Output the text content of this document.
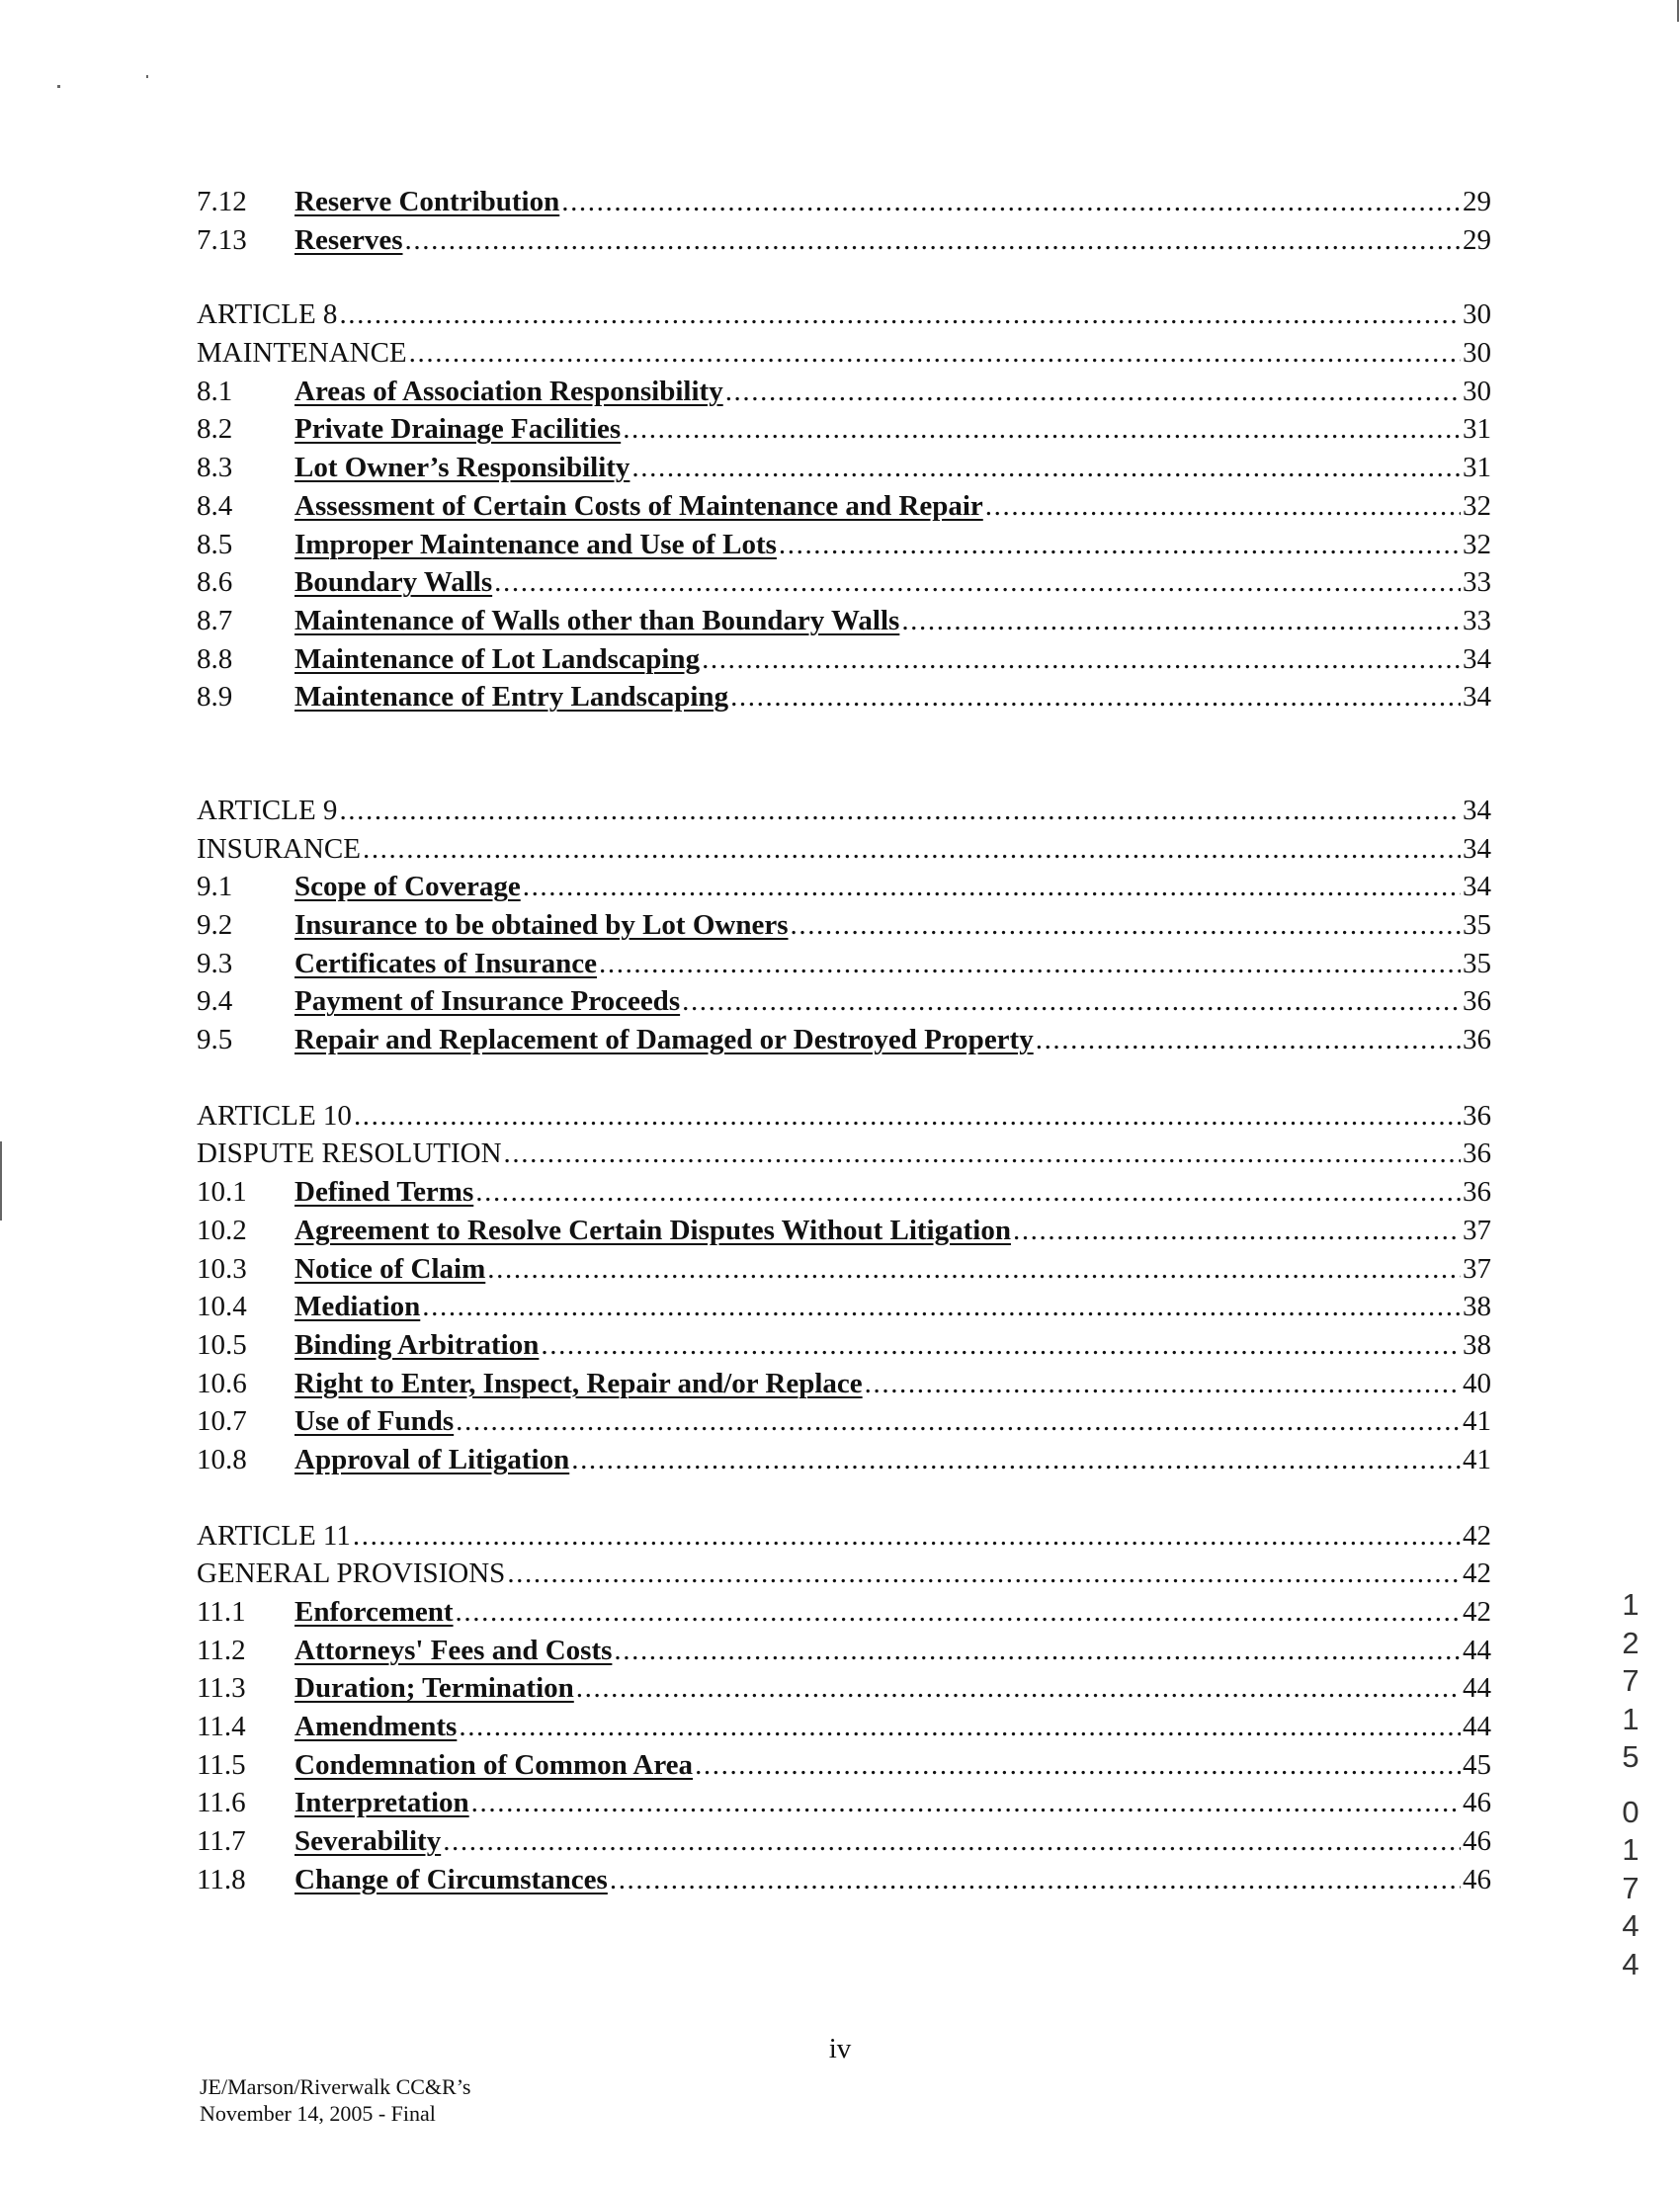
7.12 Reserve Contribution .....	29
7.13 Reserves .....	29
ARTICLE 8 .....	30
MAINTENANCE .....	30
8.1 Areas of Association Responsibility .....	30
8.2 Private Drainage Facilities .....	31
8.3 Lot Owner’s Responsibility .....	31
8.4 Assessment of Certain Costs of Maintenance and Repair .....	32
8.5 Improper Maintenance and Use of Lots .....	32
8.6 Boundary Walls .....	33
8.7 Maintenance of Walls other than Boundary Walls .....	33
8.8 Maintenance of Lot Landscaping .....	34
8.9 Maintenance of Entry Landscaping .....	34
ARTICLE 9 .....	34
INSURANCE .....	34
9.1 Scope of Coverage .....	34
9.2 Insurance to be obtained by Lot Owners .....	35
9.3 Certificates of Insurance .....	35
9.4 Payment of Insurance Proceeds .....	36
9.5 Repair and Replacement of Damaged or Destroyed Property .....	36
ARTICLE 10 .....	36
DISPUTE RESOLUTION .....	36
10.1 Defined Terms .....	36
10.2 Agreement to Resolve Certain Disputes Without Litigation .....	37
10.3 Notice of Claim .....	37
10.4 Mediation .....	38
10.5 Binding Arbitration .....	38
10.6 Right to Enter, Inspect, Repair and/or Replace .....	40
10.7 Use of Funds .....	41
10.8 Approval of Litigation .....	41
ARTICLE 11 .....	42
GENERAL PROVISIONS .....	42
11.1 Enforcement .....	42
11.2 Attorneys' Fees and Costs .....	44
11.3 Duration; Termination .....	44
11.4 Amendments .....	44
11.5 Condemnation of Common Area .....	45
11.6 Interpretation .....	46
11.7 Severability .....	46
11.8 Change of Circumstances .....	46
iv
JE/Marson/Riverwalk CC&R’s
November 14, 2005 - Final
1
2
7
1
5
0
1
7
4
4
